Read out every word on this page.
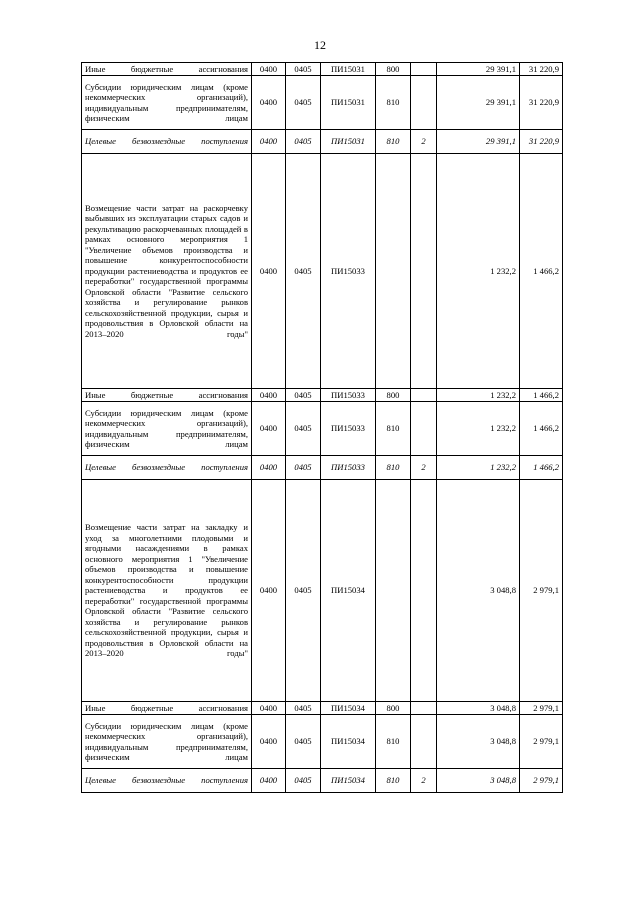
12
Иные бюджетные ассигнования	0400	0405	ПИ15031	800		29 391,1	31 220,9
Субсидии юридическим лицам (кроме некоммерческих организаций), индивидуальным предпринимателям, физическим лицам	0400	0405	ПИ15031	810		29 391,1	31 220,9
Целевые безвозмездные поступления	0400	0405	ПИ15031	810	2	29 391,1	31 220,9
Возмещение части затрат на раскорчевку выбывших из эксплуатации старых садов и рекультивацию раскорчеванных площадей в рамках основного мероприятия 1 "Увеличение объемов производства и повышение конкурентоспособности продукции растениеводства и продуктов ее переработки" государственной программы Орловской области "Развитие сельского хозяйства и регулирование рынков сельскохозяйственной продукции, сырья и продовольствия в Орловской области на 2013–2020 годы"	0400	0405	ПИ15033			1 232,2	1 466,2
Иные бюджетные ассигнования	0400	0405	ПИ15033	800		1 232,2	1 466,2
Субсидии юридическим лицам (кроме некоммерческих организаций), индивидуальным предпринимателям, физическим лицам	0400	0405	ПИ15033	810		1 232,2	1 466,2
Целевые безвозмездные поступления	0400	0405	ПИ15033	810	2	1 232,2	1 466,2
Возмещение части затрат на закладку и уход за многолетними плодовыми и ягодными насаждениями в рамках основного мероприятия 1 "Увеличение объемов производства и повышение конкурентоспособности продукции растениеводства и продуктов ее переработки" государственной программы Орловской области "Развитие сельского хозяйства и регулирование рынков сельскохозяйственной продукции, сырья и продовольствия в Орловской области на 2013–2020 годы"	0400	0405	ПИ15034			3 048,8	2 979,1
Иные бюджетные ассигнования	0400	0405	ПИ15034	800		3 048,8	2 979,1
Субсидии юридическим лицам (кроме некоммерческих организаций), индивидуальным предпринимателям, физическим лицам	0400	0405	ПИ15034	810		3 048,8	2 979,1
Целевые безвозмездные поступления	0400	0405	ПИ15034	810	2	3 048,8	2 979,1
